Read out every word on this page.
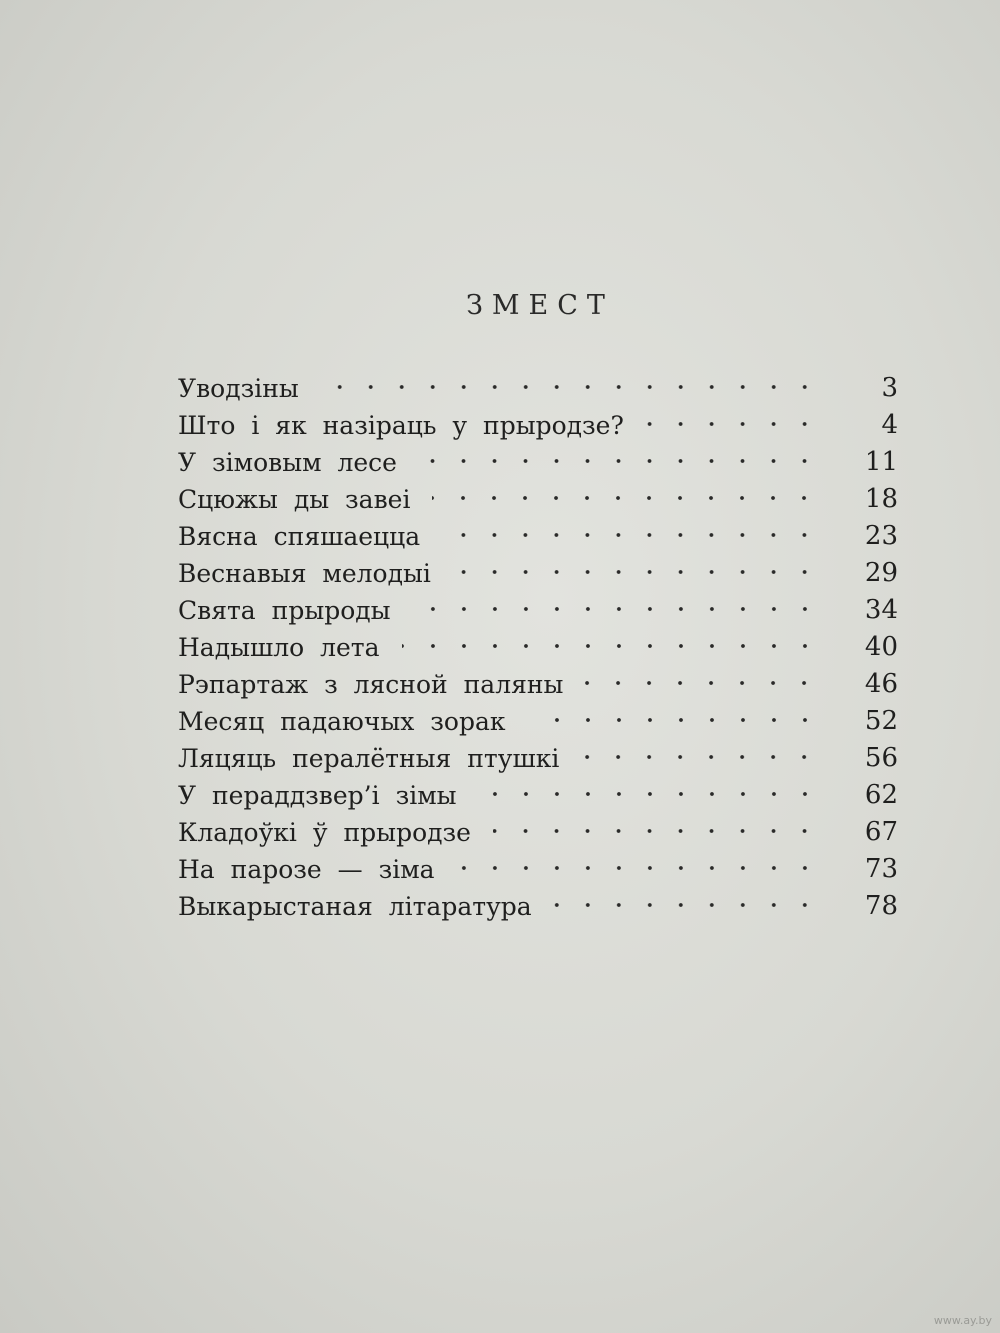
ЗМЕСТ
Уводзіны	3
Што і як назіраць у прыродзе?	4
У зімовым лесе	11
Сцюжы ды завеі	18
Вясна спяшаецца	23
Веснавыя мелодыі	29
Свята прыроды	34
Надышло лета	40
Рэпартаж з лясной паляны	46
Месяц падаючых зорак	52
Ляцяць пералётныя птушкі	56
У пераддзвер’і зімы	62
Кладоўкі ў прыродзе	67
На парозе — зіма	73
Выкарыстаная літаратура	78
www.ay.by
